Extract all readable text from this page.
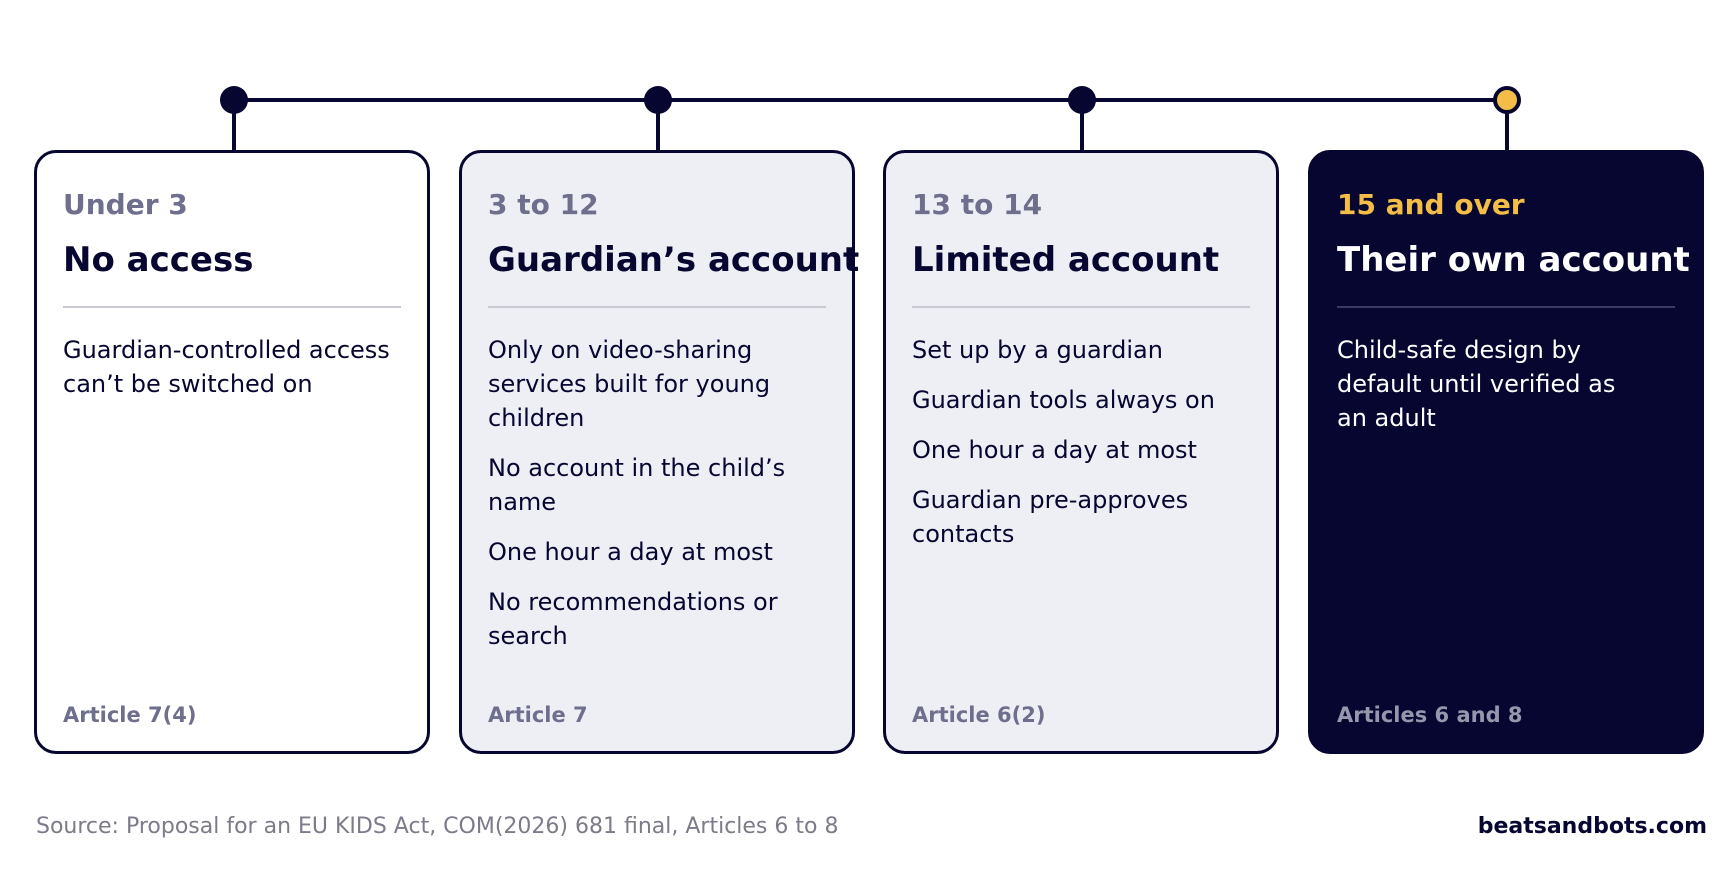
Under 3
No access
Guardian-controlled access can’t be switched on
Article 7(4)
3 to 12
Guardian’s account
Only on video-sharing services built for young children
No account in the child’s name
One hour a day at most
No recommendations or search
Article 7
13 to 14
Limited account
Set up by a guardian
Guardian tools always on
One hour a day at most
Guardian pre-approves contacts
Article 6(2)
15 and over
Their own account
Child-safe design by default until verified as an adult
Articles 6 and 8
Source: Proposal for an EU KIDS Act, COM(2026) 681 final, Articles 6 to 8	beatsandbots.com
